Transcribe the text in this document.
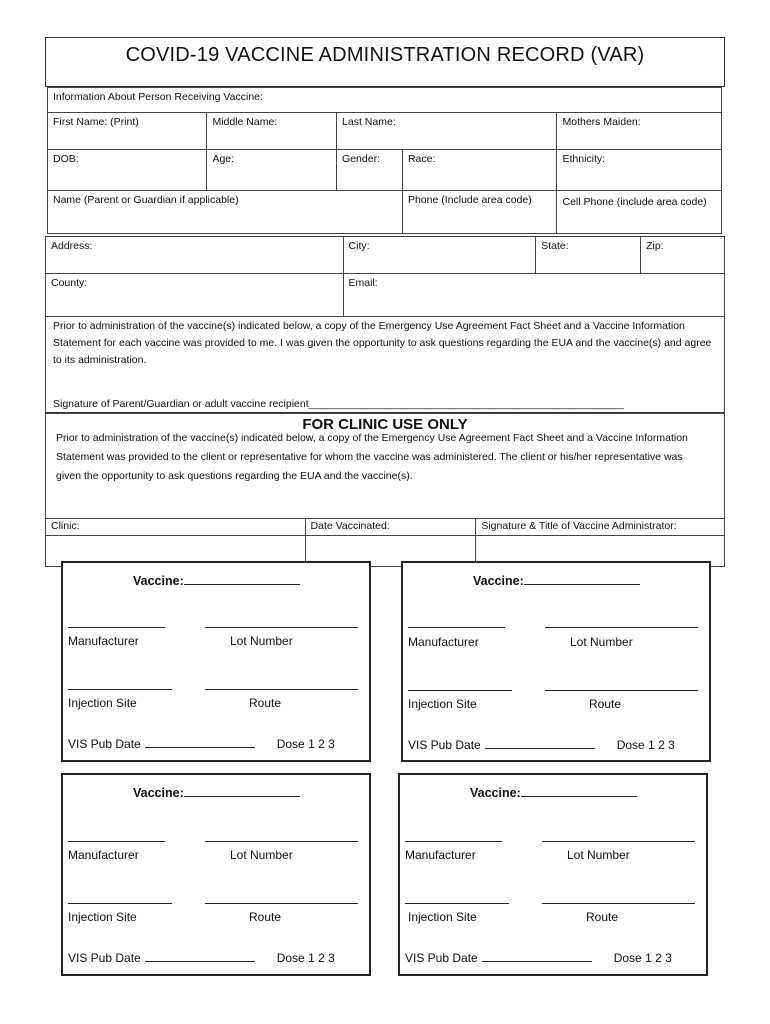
COVID-19 VACCINE ADMINISTRATION RECORD (VAR)
Information About Person Receiving Vaccine:				
First Name: (Print)	Middle Name:	Last Name:		Mothers Maiden:
DOB:	Age:	Gender:	Race:	Ethnicity:
Name (Parent or Guardian if applicable)			Phone (Include area code)	Cell Phone (include area code)
Address:	City:	State:	Zip:
County:	Email:		
Prior to administration of the vaccine(s) indicated below, a copy of the Emergency Use Agreement Fact Sheet and a Vaccine Information Statement for each vaccine was provided to me. I was given the opportunity to ask questions regarding the EUA and the vaccine(s) and agree to its administration.
Signature of Parent/Guardian or adult vaccine recipient______________________________________________________
FOR CLINIC USE ONLY
Prior to administration of the vaccine(s) indicated below, a copy of the Emergency Use Agreement Fact Sheet and a Vaccine Information Statement was provided to the client or representative for whom the vaccine was administered. The client or his/her representative was given the opportunity to ask questions regarding the EUA and the vaccine(s).
Clinic:	Date Vaccinated:	Signature & Title of Vaccine Administrator:

Vaccine:
Manufacturer	Lot Number
Injection Site	Route
VIS Pub Date	Dose 1 2 3
Vaccine:
Manufacturer	Lot Number
Injection Site	Route
VIS Pub Date	Dose 1 2 3
Vaccine:
Manufacturer	Lot Number
Injection Site	Route
VIS Pub Date	Dose 1 2 3
Vaccine:
Manufacturer	Lot Number
Injection Site	Route
VIS Pub Date	Dose 1 2 3
